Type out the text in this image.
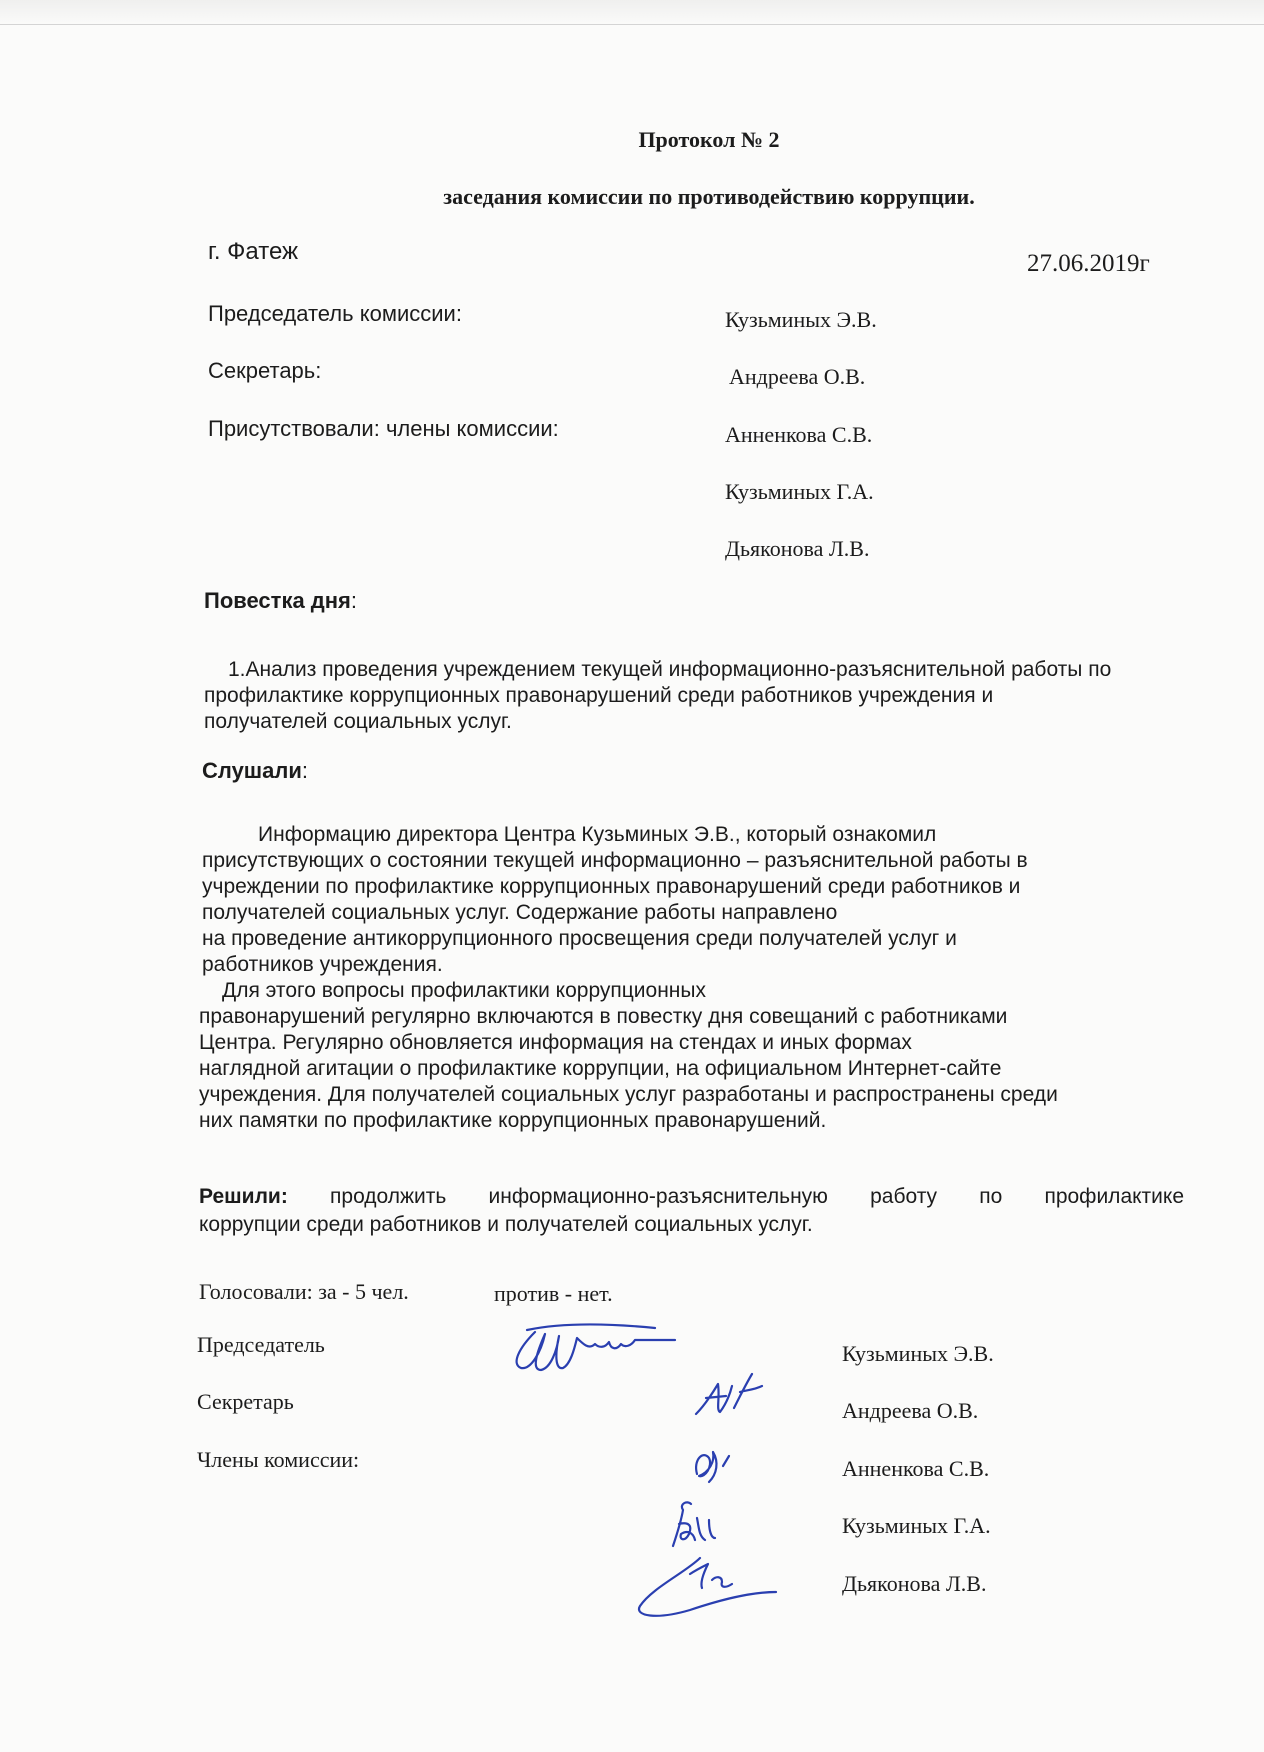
Протокол № 2
заседания комиссии по противодействию коррупции.
г. Фатеж	27.06.2019г
Председатель комиссии:	Кузьминых Э.В.
Секретарь:	Андреева О.В.
Присутствовали: члены комиссии:	Анненкова С.В.
Кузьминых Г.А.
Дьяконова Л.В.
Повестка дня:
1.Анализ проведения учреждением текущей информационно-разъяснительной работы по
профилактике коррупционных правонарушений среди работников учреждения и
получателей социальных услуг.
Слушали:
Информацию директора Центра Кузьминых Э.В., который ознакомил
присутствующих о состоянии текущей информационно – разъяснительной работы в
учреждении по профилактике коррупционных правонарушений среди работников и
получателей социальных услуг. Содержание работы направлено
на проведение антикоррупционного просвещения среди получателей услуг и
работников учреждения.
Для этого вопросы профилактики коррупционных
правонарушений регулярно включаются в повестку дня совещаний с работниками
Центра. Регулярно обновляется информация на стендах и иных формах
наглядной агитации о профилактике коррупции, на официальном Интернет-сайте
учреждения. Для получателей социальных услуг разработаны и распространены среди
них памятки по профилактике коррупционных правонарушений.
Решили: продолжить информационно-разъяснительную работу по профилактике
коррупции среди работников и получателей социальных услуг.
Голосовали: за - 5 чел.	против - нет.
Председатель	Кузьминых Э.В.
Секретарь	Андреева О.В.
Члены комиссии:	Анненкова С.В.
Кузьминых Г.А.
Дьяконова Л.В.
